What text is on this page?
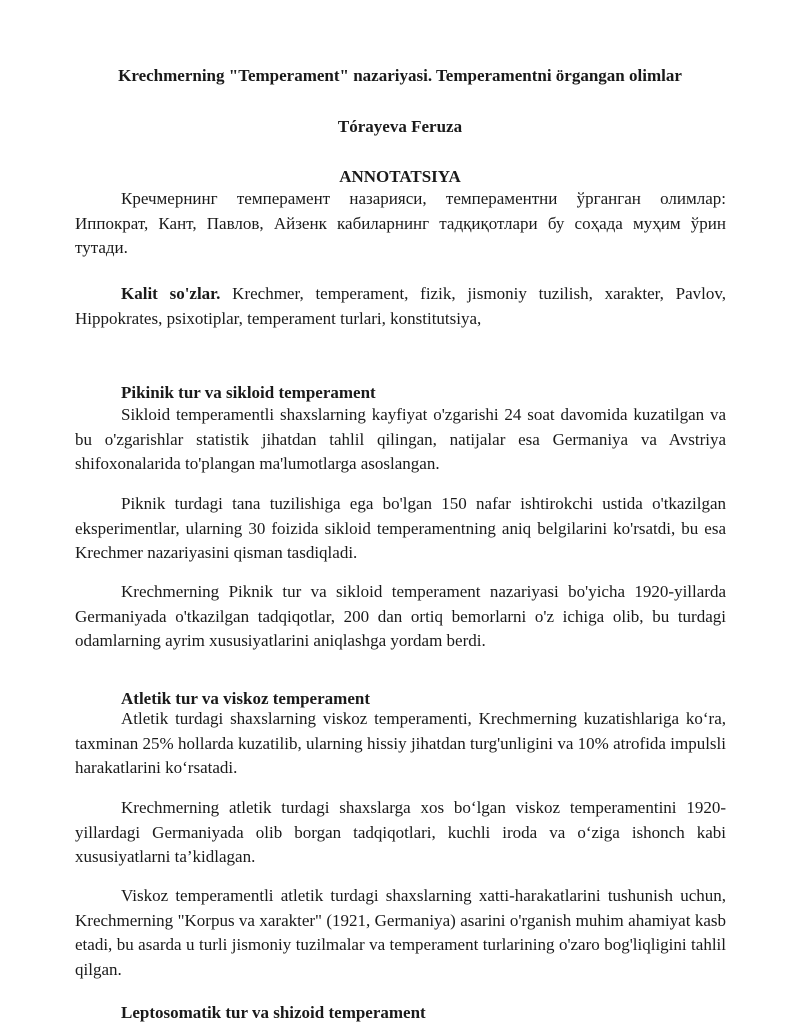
Krechmerning "Temperament" nazariyasi. Temperamentni örgangan olimlar
Tórayeva Feruza
ANNOTATSIYA

Кречмернинг темперамент назарияси, темпераментни ўрганган олимлар: Иппократ, Кант, Павлов, Айзенк кабиларнинг тадқиқотлари бу соҳада муҳим ўрин тутади.

Kalit so'zlar. Krechmer, temperament, fizik, jismoniy tuzilish, xarakter, Pavlov, Hippokrates, psixotiplar, temperament turlari, konstitutsiya,

Pikinik tur va sikloid temperament

Sikloid temperamentli shaxslarning kayfiyat o'zgarishi 24 soat davomida kuzatilgan va bu o'zgarishlar statistik jihatdan tahlil qilingan, natijalar esa Germaniya va Avstriya shifoxonalarida to'plangan ma'lumotlarga asoslangan.

Piknik turdagi tana tuzilishiga ega bo'lgan 150 nafar ishtirokchi ustida o'tkazilgan eksperimentlar, ularning 30 foizida sikloid temperamentning aniq belgilarini ko'rsatdi, bu esa Krechmer nazariyasini qisman tasdiqladi.

Krechmerning Piknik tur va sikloid temperament nazariyasi bo'yicha 1920-yillarda Germaniyada o'tkazilgan tadqiqotlar, 200 dan ortiq bemorlarni o'z ichiga olib, bu turdagi odamlarning ayrim xususiyatlarini aniqlashga yordam berdi.

Atletik tur va viskoz temperament

Atletik turdagi shaxslarning viskoz temperamenti, Krechmerning kuzatishlariga ko‘ra, taxminan 25% hollarda kuzatilib, ularning hissiy jihatdan turg'unligini va 10% atrofida impulsli harakatlarini ko‘rsatadi.

Krechmerning atletik turdagi shaxslarga xos bo‘lgan viskoz temperamentini 1920-yillardagi Germaniyada olib borgan tadqiqotlari, kuchli iroda va o‘ziga ishonch kabi xususiyatlarni ta’kidlagan.

Viskoz temperamentli atletik turdagi shaxslarning xatti-harakatlarini tushunish uchun, Krechmerning "Korpus va xarakter" (1921, Germaniya) asarini o'rganish muhim ahamiyat kasb etadi, bu asarda u turli jismoniy tuzilmalar va temperament turlarining o'zaro bog'liqligini tahlil qilgan.

Leptosomatik tur va shizoid temperament
